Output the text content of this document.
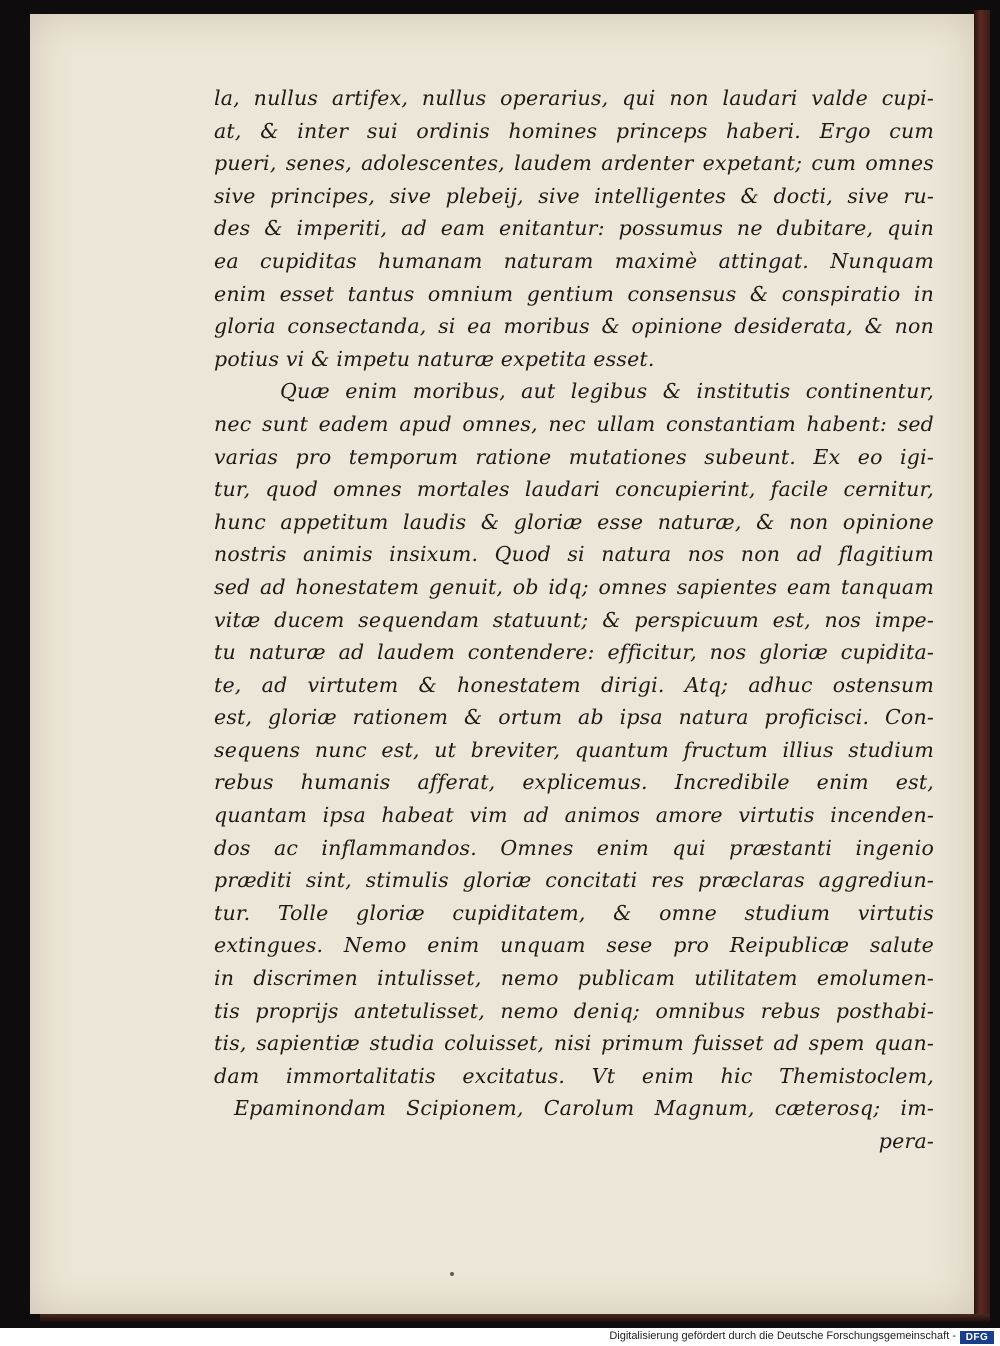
la, nullus artifex, nullus operarius, qui non laudari valde cupi-
at, & inter sui ordinis homines princeps haberi. Ergo cum
pueri, senes, adolescentes, laudem ardenter expetant; cum omnes
sive principes, sive plebeij, sive intelligentes & docti, sive ru-
des & imperiti, ad eam enitantur: possumus ne dubitare, quin
ea cupiditas humanam naturam maximè attingat. Nunquam
enim esset tantus omnium gentium consensus & conspiratio in
gloria consectanda, si ea moribus & opinione desiderata, & non
potius vi & impetu naturæ expetita esset.
Quæ enim moribus, aut legibus & institutis continentur,
nec sunt eadem apud omnes, nec ullam constantiam habent: sed
varias pro temporum ratione mutationes subeunt. Ex eo igi-
tur, quod omnes mortales laudari concupierint, facile cernitur,
hunc appetitum laudis & gloriæ esse naturæ, & non opinione
nostris animis insixum. Quod si natura nos non ad flagitium
sed ad honestatem genuit, ob idq; omnes sapientes eam tanquam
vitæ ducem sequendam statuunt; & perspicuum est, nos impe-
tu naturæ ad laudem contendere: efficitur, nos gloriæ cupidita-
te, ad virtutem & honestatem dirigi. Atq; adhuc ostensum
est, gloriæ rationem & ortum ab ipsa natura proficisci. Con-
sequens nunc est, ut breviter, quantum fructum illius studium
rebus humanis afferat, explicemus. Incredibile enim est,
quantam ipsa habeat vim ad animos amore virtutis incenden-
dos ac inflammandos. Omnes enim qui præstanti ingenio
præditi sint, stimulis gloriæ concitati res præclaras aggrediun-
tur. Tolle gloriæ cupiditatem, & omne studium virtutis
extingues. Nemo enim unquam sese pro Reipublicæ salute
in discrimen intulisset, nemo publicam utilitatem emolumen-
tis proprijs antetulisset, nemo deniq; omnibus rebus posthabi-
tis, sapientiæ studia coluisset, nisi primum fuisset ad spem quan-
dam immortalitatis excitatus. Vt enim hic Themistoclem,
Epaminondam Scipionem, Carolum Magnum, cæterosq; im-
pera-
Digitalisierung gefördert durch die Deutsche Forschungsgemeinschaft - DFG
